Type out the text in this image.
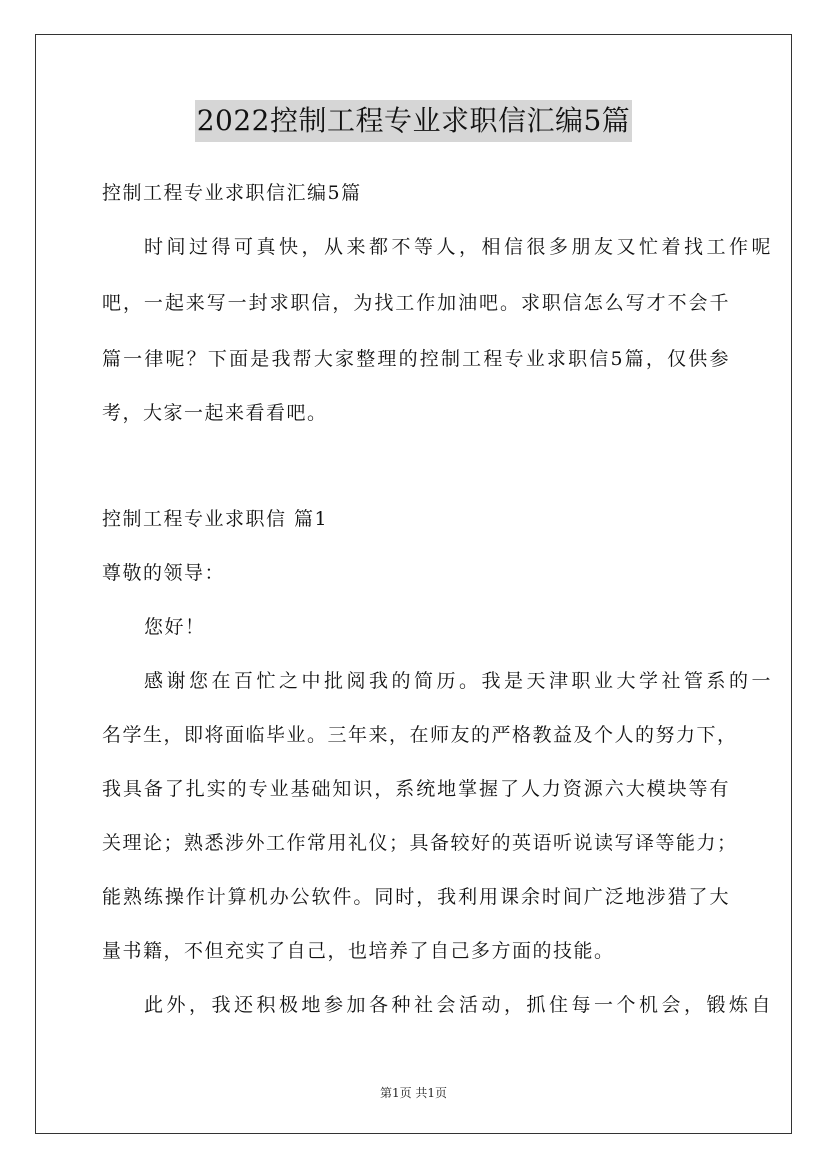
2022控制工程专业求职信汇编5篇
控制工程专业求职信汇编5篇
时间过得可真快，从来都不等人，相信很多朋友又忙着找工作呢
吧，一起来写一封求职信，为找工作加油吧。求职信怎么写才不会千
篇一律呢？下面是我帮大家整理的控制工程专业求职信5篇，仅供参
考，大家一起来看看吧。
控制工程专业求职信 篇1
尊敬的领导：
您好！
感谢您在百忙之中批阅我的简历。我是天津职业大学社管系的一
名学生，即将面临毕业。三年来，在师友的严格教益及个人的努力下，
我具备了扎实的专业基础知识，系统地掌握了人力资源六大模块等有
关理论；熟悉涉外工作常用礼仪；具备较好的英语听说读写译等能力；
能熟练操作计算机办公软件。同时，我利用课余时间广泛地涉猎了大
量书籍，不但充实了自己，也培养了自己多方面的技能。
此外，我还积极地参加各种社会活动，抓住每一个机会，锻炼自
第1页 共1页
